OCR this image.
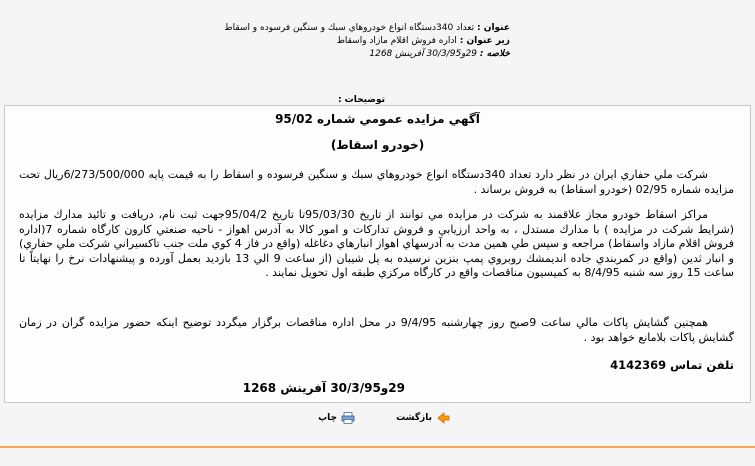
عنوان : تعداد 340دستگاه انواع خودروهاي سبك و سنگين فرسوده و اسقاط
زير عنوان : اداره فروش اقلام مازاد واسقاط
خلاصه : 29و30/3/95 آفرينش 1268
توضيحات :
آگهي مزايده عمومي شماره 95/02
(خودرو اسقاط)
شركت ملي حفاري ايران در نظر دارد تعداد 340دستگاه انواع خودروهاي سبك و سنگين فرسوده و اسقاط را به قيمت پايه 6/273/500/000ريال تحت مزايده شماره 02/95 (خودرو اسقاط) به فروش برساند .
مراكز اسقاط خودرو مجاز علاقمند به شركت در مزايده مي توانند از تاريخ 95/03/30تا تاريخ 95/04/2جهت ثبت نام، دريافت و تائيد مدارك مزايده (شرايط شركت در مزايده ) با مدارك مستدل ، به واحد ارزيابي و فروش تداركات و امور كالا به آدرس اهواز - ناحيه صنعتي كارون كارگاه شماره 7(اداره فروش اقلام مازاد واسقاط) مراجعه و سپس طي همين مدت به آدرسهاي اهواز انبارهاي دغاغله (واقع در فاز 4 كوي ملت جنب تاكسيراني شركت ملي حفاري) و انبار ثدين (واقع در كمربندي جاده انديمشك روبروي پمپ بنزين نرسيده به پل شيبان (از ساعت 9 الي 13 بازديد بعمل آورده و پيشنهادات نرخ را نهايتاً تا ساعت 15 روز سه شنبه 8/4/95 به كميسيون مناقصات واقع در كارگاه مركزي طبقه اول تحويل نمايند .
همچنين گشايش پاكات مالي ساعت 9صبح روز چهارشنبه 9/4/95 در محل اداره مناقصات برگزار ميگردد توضيح اينكه حضور مزايده گران در زمان گشايش پاكات بلامانع خواهد بود .
تلفن تماس 4142369
29و30/3/95 آفرينش 1268
بازگشت
چاپ
